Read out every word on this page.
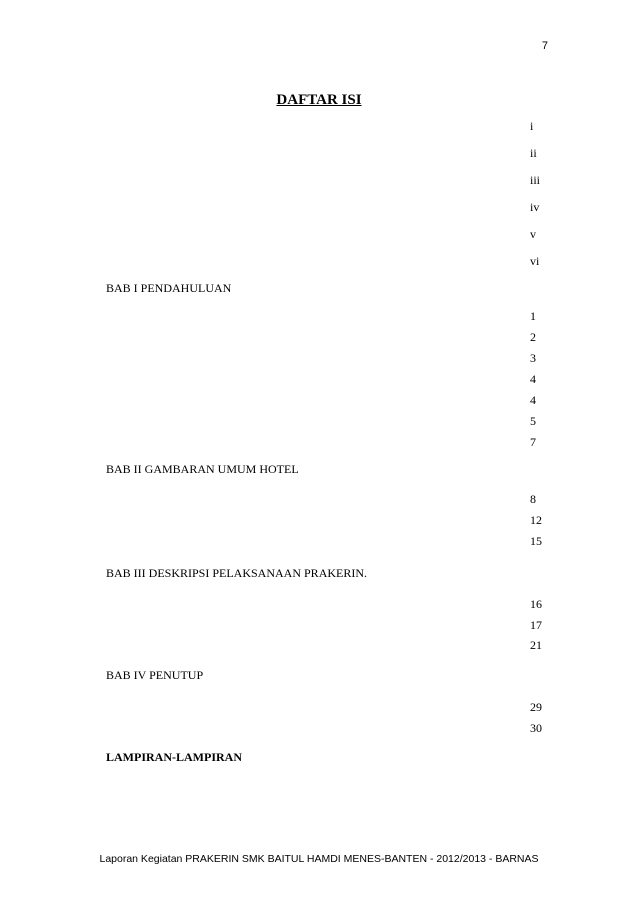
7
DAFTAR ISI
i
ii
iii
iv
v
vi
BAB I PENDAHULUAN
1
2
3
4
4
5
7
BAB II GAMBARAN UMUM HOTEL
8
12
15
BAB III DESKRIPSI PELAKSANAAN PRAKERIN.
16
17
21
BAB IV PENUTUP
29
30
LAMPIRAN-LAMPIRAN
Laporan Kegiatan PRAKERIN SMK BAITUL HAMDI MENES-BANTEN - 2012/2013 - BARNAS
